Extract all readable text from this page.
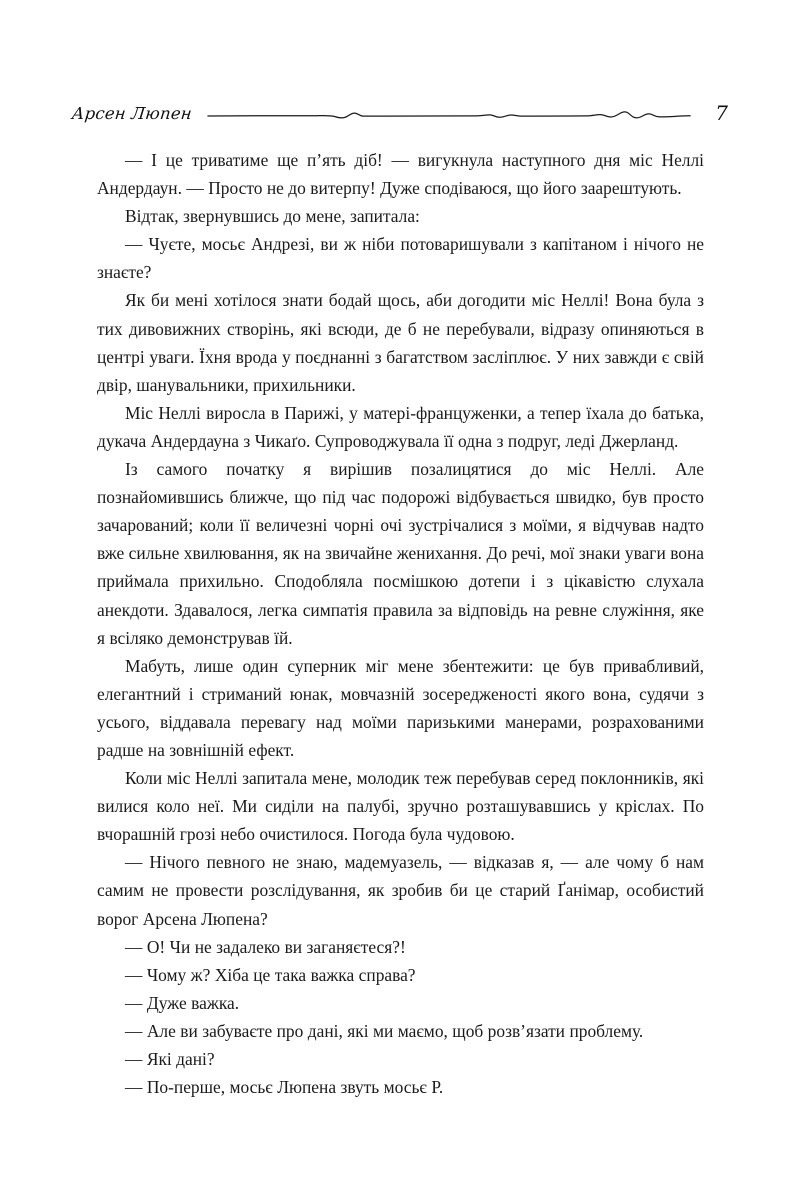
Арсен Люпен	7

— І це триватиме ще п’ять діб! — вигукнула наступного дня міс Неллі Андердаун. — Просто не до витерпу! Дуже сподіваюся, що його заарештують.

Відтак, звернувшись до мене, запитала:

— Чуєте, мосьє Андрезі, ви ж ніби потоваришували з капітаном і нічого не знаєте?

Як би мені хотілося знати бодай щось, аби догодити міс Неллі! Вона була з тих дивовижних створінь, які всюди, де б не перебували, відразу опиняються в центрі уваги. Їхня врода у поєднанні з багатством засліплює. У них завжди є свій двір, шанувальники, прихильники.

Міс Неллі виросла в Парижі, у матері-француженки, а тепер їхала до батька, дукача Андердауна з Чикаґо. Супроводжувала її одна з подруг, леді Джерланд.

Із самого початку я вирішив позалицятися до міс Неллі. Але познайомившись ближче, що під час подорожі відбувається швидко, був просто зачарований; коли її величезні чорні очі зустрічалися з моїми, я відчував надто вже сильне хвилювання, як на звичайне женихання. До речі, мої знаки уваги вона приймала прихильно. Сподобляла посмішкою дотепи і з цікавістю слухала анекдоти. Здавалося, легка симпатія правила за відповідь на ревне служіння, яке я всіляко демонстрував їй.

Мабуть, лише один суперник міг мене збентежити: це був привабливий, елегантний і стриманий юнак, мовчазній зосередженості якого вона, судячи з усього, віддавала перевагу над моїми паризькими манерами, розрахованими радше на зовнішній ефект.

Коли міс Неллі запитала мене, молодик теж перебував серед поклонників, які вилися коло неї. Ми сиділи на палубі, зручно розташувавшись у кріслах. По вчорашній грозі небо очистилося. Погода була чудовою.

— Нічого певного не знаю, мадемуазель, — відказав я, — але чому б нам самим не провести розслідування, як зробив би це старий Ґанімар, особистий ворог Арсена Люпена?

— О! Чи не задалеко ви заганяєтеся?!

— Чому ж? Хіба це така важка справа?

— Дуже важка.

— Але ви забуваєте про дані, які ми маємо, щоб розв’язати проблему.

— Які дані?

— По-перше, мосьє Люпена звуть мосьє Р.
